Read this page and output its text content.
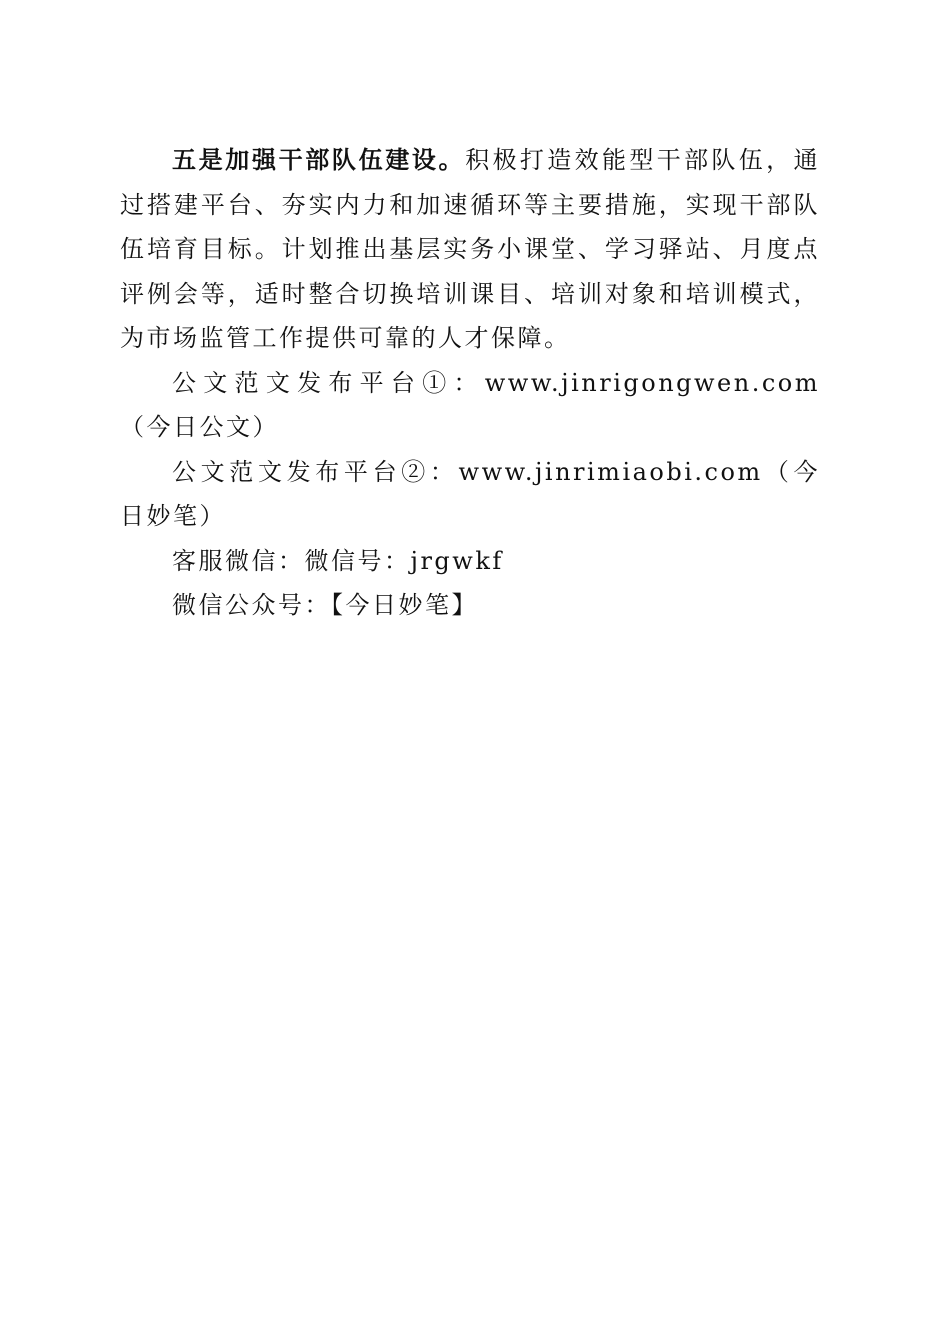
五是加强干部队伍建设。积极打造效能型干部队伍，通过搭建平台、夯实内力和加速循环等主要措施，实现干部队伍培育目标。计划推出基层实务小课堂、学习驿站、月度点评例会等，适时整合切换培训课目、培训对象和培训模式，为市场监管工作提供可靠的人才保障。

公文范文发布平台①：www.jinrigongwen.com（今日公文）

公文范文发布平台②：www.jinrimiaobi.com（今日妙笔）

客服微信：微信号：jrgwkf

微信公众号：【今日妙笔】
